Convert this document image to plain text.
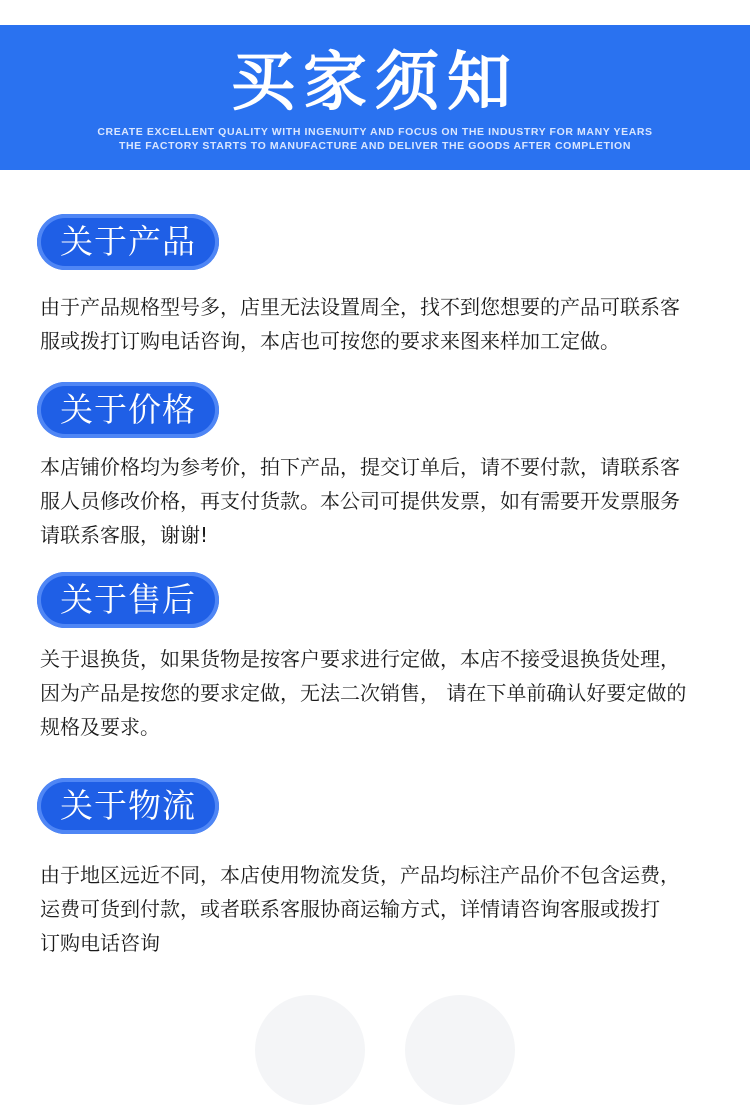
买家须知
CREATE EXCELLENT QUALITY WITH INGENUITY AND FOCUS ON THE INDUSTRY FOR MANY YEARS
THE FACTORY STARTS TO MANUFACTURE AND DELIVER THE GOODS AFTER COMPLETION
关于产品

由于产品规格型号多，店里无法设置周全，找不到您想要的产品可联系客
服或拨打订购电话咨询，本店也可按您的要求来图来样加工定做。

关于价格

本店铺价格均为参考价，拍下产品，提交订单后，请不要付款，请联系客
服人员修改价格，再支付货款。本公司可提供发票，如有需要开发票服务
请联系客服，谢谢!

关于售后

关于退换货，如果货物是按客户要求进行定做，本店不接受退换货处理，
因为产品是按您的要求定做，无法二次销售， 请在下单前确认好要定做的
规格及要求。

关于物流

由于地区远近不同，本店使用物流发货，产品均标注产品价不包含运费，
运费可货到付款，或者联系客服协商运输方式，详情请咨询客服或拨打
订购电话咨询
